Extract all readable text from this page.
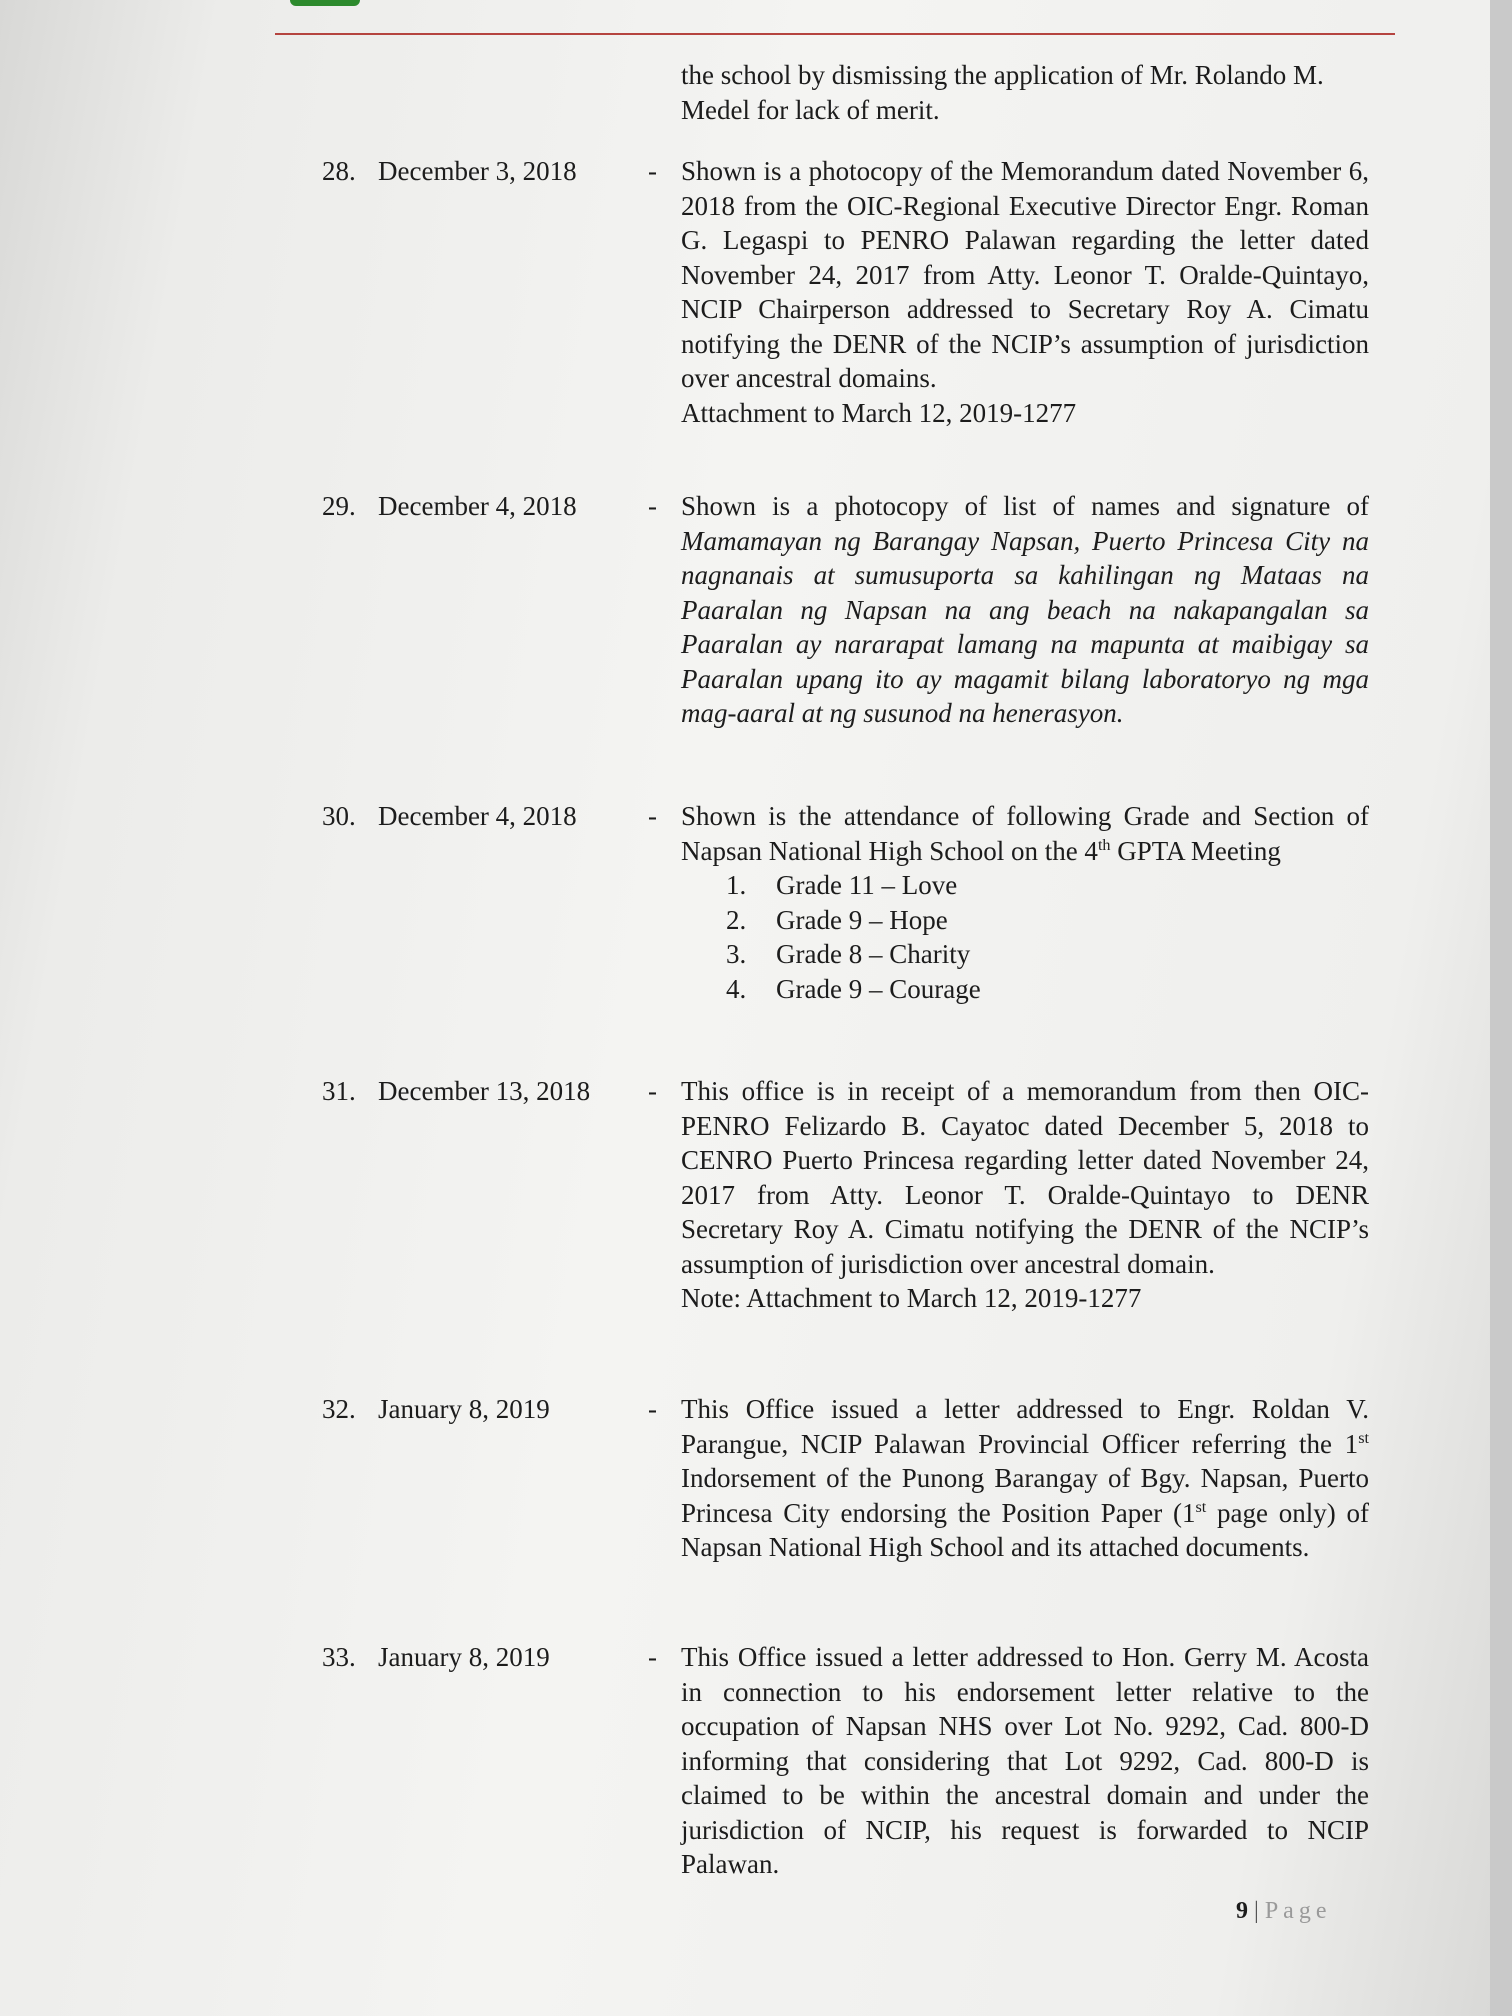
the school by dismissing the application of Mr. Rolando M. Medel for lack of merit.
28. December 3, 2018	- Shown is a photocopy of the Memorandum dated November 6, 2018 from the OIC-Regional Executive Director Engr. Roman G. Legaspi to PENRO Palawan regarding the letter dated November 24, 2017 from Atty. Leonor T. Oralde-Quintayo, NCIP Chairperson addressed to Secretary Roy A. Cimatu notifying the DENR of the NCIP’s assumption of jurisdiction over ancestral domains.

Attachment to March 12, 2019-1277

29. December 4, 2018	- Shown is a photocopy of list of names and signature of Mamamayan ng Barangay Napsan, Puerto Princesa City na nagnanais at sumusuporta sa kahilingan ng Mataas na Paaralan ng Napsan na ang beach na nakapangalan sa Paaralan ay nararapat lamang na mapunta at maibigay sa Paaralan upang ito ay magamit bilang laboratoryo ng mga mag-aaral at ng susunod na henerasyon.

30. December 4, 2018	- Shown is the attendance of following Grade and Section of Napsan National High School on the 4th GPTA Meeting

1. Grade 11 – Love
2. Grade 9 – Hope
3. Grade 8 – Charity
4. Grade 9 – Courage
31. December 13, 2018 - This office is in receipt of a memorandum from then OIC-PENRO Felizardo B. Cayatoc dated December 5, 2018 to CENRO Puerto Princesa regarding letter dated November 24, 2017 from Atty. Leonor T. Oralde-Quintayo to DENR Secretary Roy A. Cimatu notifying the DENR of the NCIP’s assumption of jurisdiction over ancestral domain.

Note: Attachment to March 12, 2019-1277

32. January 8, 2019	- This Office issued a letter addressed to Engr. Roldan V. Parangue, NCIP Palawan Provincial Officer referring the 1st Indorsement of the Punong Barangay of Bgy. Napsan, Puerto Princesa City endorsing the Position Paper (1st page only) of Napsan National High School and its attached documents.

33. January 8, 2019	- This Office issued a letter addressed to Hon. Gerry M. Acosta in connection to his endorsement letter relative to the occupation of Napsan NHS over Lot No. 9292, Cad. 800-D informing that considering that Lot 9292, Cad. 800-D is claimed to be within the ancestral domain and under the jurisdiction of NCIP, his request is forwarded to NCIP Palawan.

9 | Page
